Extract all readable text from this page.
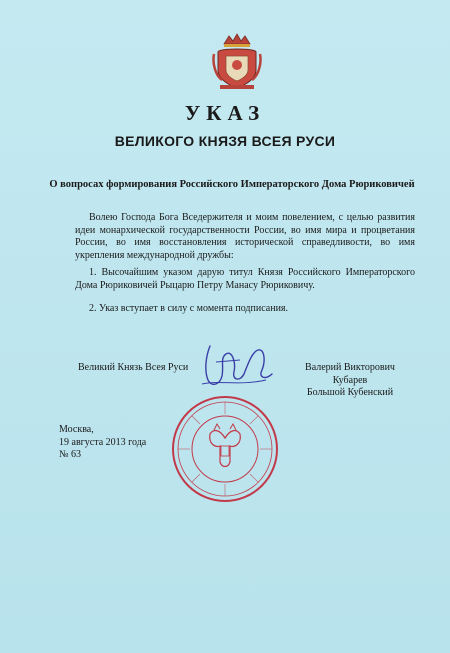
УКАЗ
ВЕЛИКОГО КНЯЗЯ ВСЕЯ РУСИ
О вопросах формирования Российского Императорского Дома Рюриковичей
Волею Господа Бога Вседержителя и моим повелением, с целью развития идеи монархической государственности России, во имя мира и процветания России, во имя восстановления исторической справедливости, во имя укрепления международной дружбы:
1. Высочайшим указом дарую титул Князя Российского Императорского Дома Рюриковичей Рыцарю Петру Манасу Рюриковичу.
2. Указ вступает в силу с момента подписания.
Великий Князь Всея Руси	Валерий Викторович Кубарев
Большой Кубенский
Москва,
19 августа 2013 года
№ 63
